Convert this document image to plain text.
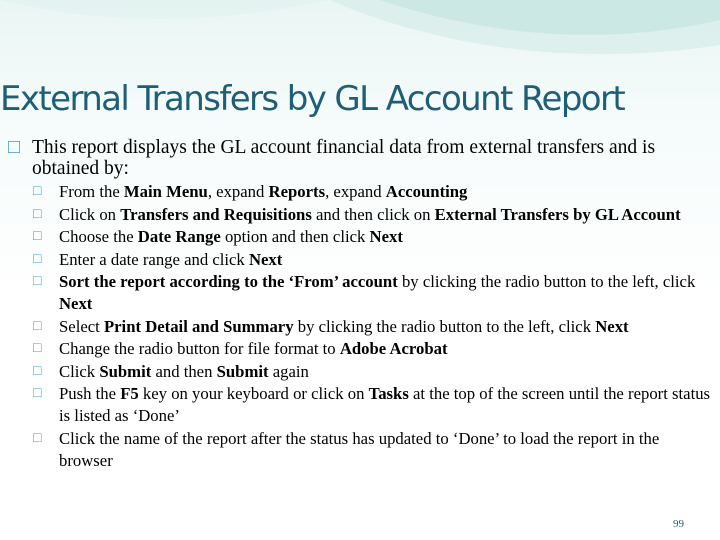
External Transfers by GL Account Report
□ This report displays the GL account financial data from external transfers and is obtained by:
□ From the Main Menu, expand Reports, expand Accounting
□ Click on Transfers and Requisitions and then click on External Transfers by GL Account
□ Choose the Date Range option and then click Next
□ Enter a date range and click Next
□ Sort the report according to the ‘From’ account by clicking the radio button to the left, click Next
□ Select Print Detail and Summary by clicking the radio button to the left, click Next
□ Change the radio button for file format to Adobe Acrobat
□ Click Submit and then Submit again
□ Push the F5 key on your keyboard or click on Tasks at the top of the screen until the report status is listed as ‘Done’
□ Click the name of the report after the status has updated to ‘Done’ to load the report in the browser
99
